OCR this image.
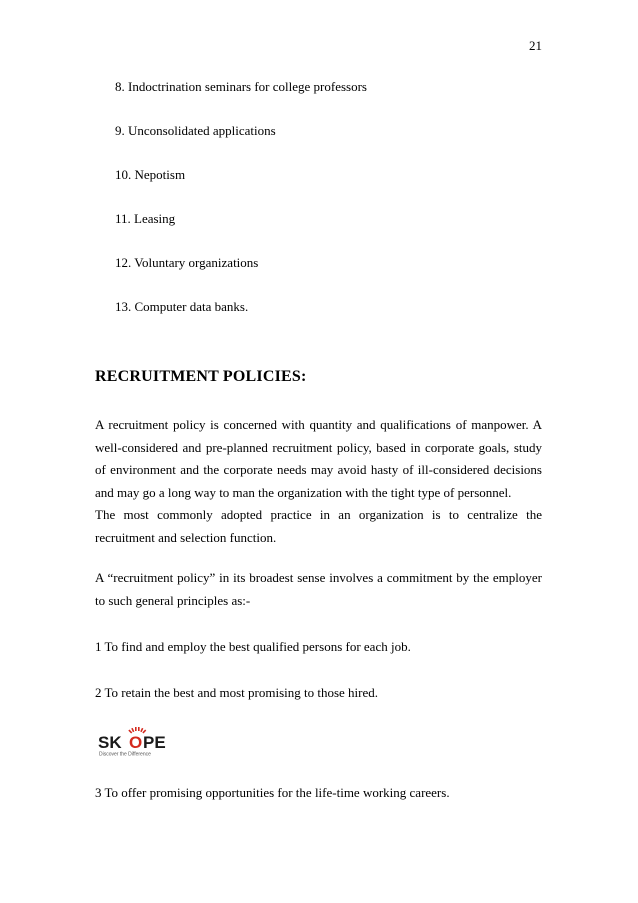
21
8. Indoctrination seminars for college professors
9. Unconsolidated applications
10. Nepotism
11. Leasing
12. Voluntary organizations
13. Computer data banks.
RECRUITMENT POLICIES:

A recruitment policy is concerned with quantity and qualifications of manpower. A well-considered and pre-planned recruitment policy, based in corporate goals, study of environment and the corporate needs may avoid hasty of ill-considered decisions and may go a long way to man the organization with the tight type of personnel.

The most commonly adopted practice in an organization is to centralize the recruitment and selection function.

A “recruitment policy” in its broadest sense involves a commitment by the employer to such general principles as:-

1 To find and employ the best qualified persons for each job.

2 To retain the best and most promising to those hired.

SK O PE
Discover the Difference

3 To offer promising opportunities for the life-time working careers.
